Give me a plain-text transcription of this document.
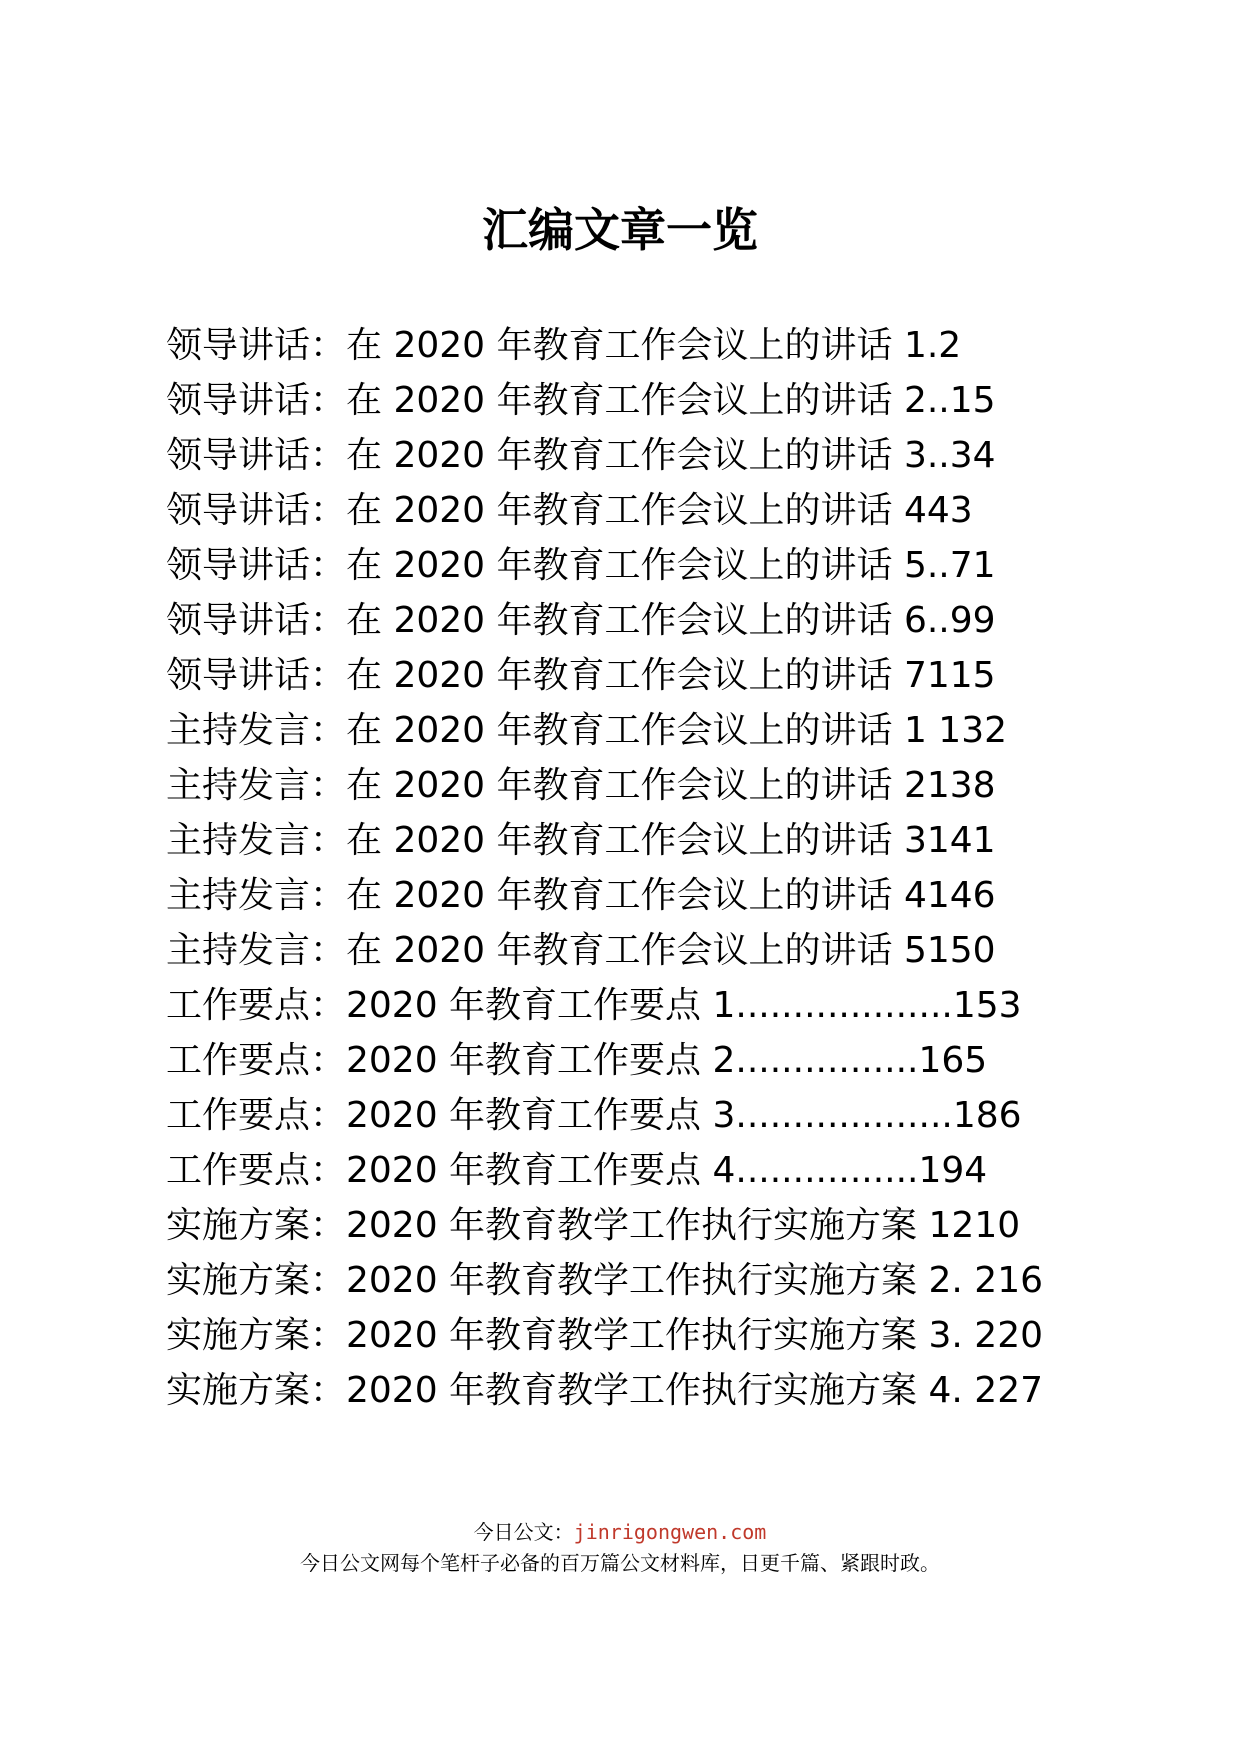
汇编文章一览
领导讲话：在 2020 年教育工作会议上的讲话 1.2
领导讲话：在 2020 年教育工作会议上的讲话 2..15
领导讲话：在 2020 年教育工作会议上的讲话 3..34
领导讲话：在 2020 年教育工作会议上的讲话 443
领导讲话：在 2020 年教育工作会议上的讲话 5..71
领导讲话：在 2020 年教育工作会议上的讲话 6..99
领导讲话：在 2020 年教育工作会议上的讲话 7115
主持发言：在 2020 年教育工作会议上的讲话 1 132
主持发言：在 2020 年教育工作会议上的讲话 2138
主持发言：在 2020 年教育工作会议上的讲话 3141
主持发言：在 2020 年教育工作会议上的讲话 4146
主持发言：在 2020 年教育工作会议上的讲话 5150
工作要点：2020 年教育工作要点 1...................153
工作要点：2020 年教育工作要点 2................165
工作要点：2020 年教育工作要点 3...................186
工作要点：2020 年教育工作要点 4................194
实施方案：2020 年教育教学工作执行实施方案 1210
实施方案：2020 年教育教学工作执行实施方案 2. 216
实施方案：2020 年教育教学工作执行实施方案 3. 220
实施方案：2020 年教育教学工作执行实施方案 4. 227
今日公文：jinrigongwen.com
今日公文网每个笔杆子必备的百万篇公文材料库，日更千篇、紧跟时政。
